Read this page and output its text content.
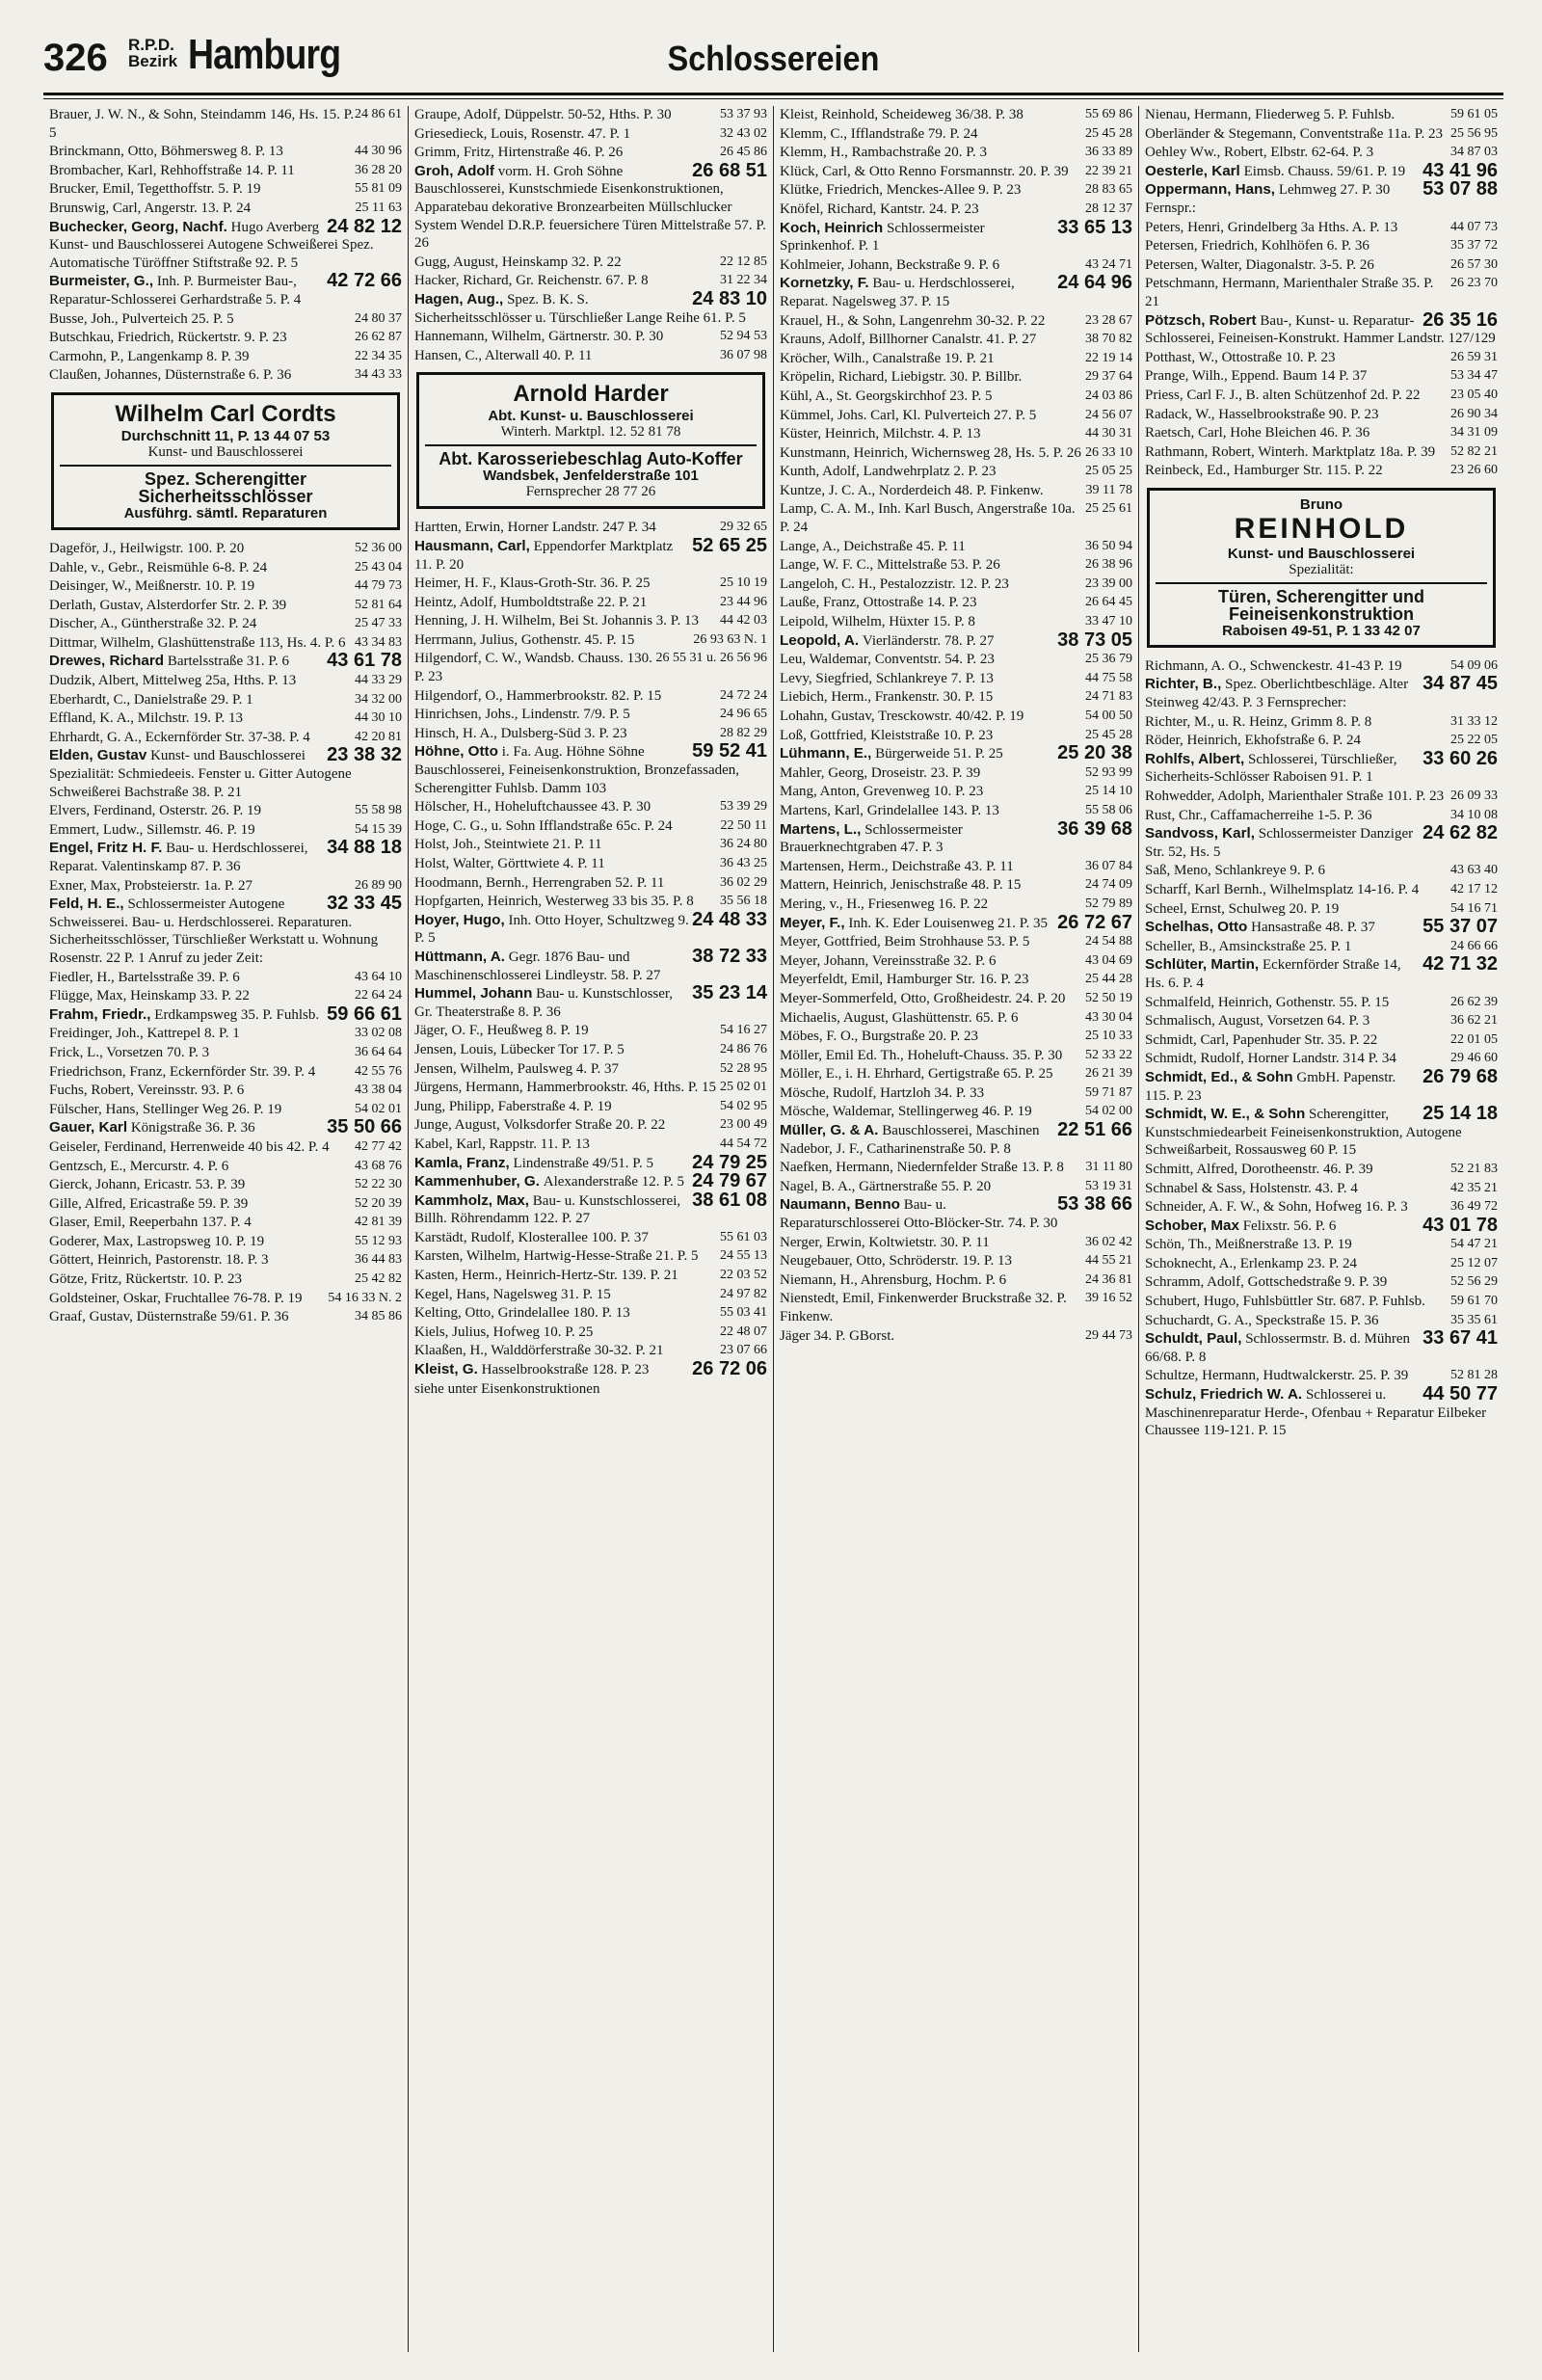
326 R.P.D.
Bezirk Hamburg	Schlossereien
24 86 61
Brauer, J. W. N., & Sohn, Steindamm 146, Hs. 15. P. 5
44 30 96
Brinckmann, Otto, Böhmersweg 8. P. 13
36 28 20
Brombacher, Karl, Rehhoffstraße 14. P. 11
55 81 09
Brucker, Emil, Tegetthoffstr. 5. P. 19
25 11 63
Brunswig, Carl, Angerstr. 13. P. 24
24 82 12
Buchecker, Georg, Nachf. Hugo Averberg Kunst- und Bauschlosserei Autogene Schweißerei Spez. Automatische Türöffner Stiftstraße 92. P. 5
42 72 66
Burmeister, G., Inh. P. Burmeister Bau-, Reparatur-Schlosserei Gerhardstraße 5. P. 4
24 80 37
Busse, Joh., Pulverteich 25. P. 5
26 62 87
Butschkau, Friedrich, Rückertstr. 9. P. 23
22 34 35
Carmohn, P., Langenkamp 8. P. 39
34 43 33
Claußen, Johannes, Düsternstraße 6. P. 36
Wilhelm Carl Cordts
Durchschnitt 11, P. 13 44 07 53
Kunst- und Bauschlosserei
Spez. Scherengitter Sicherheitsschlösser
Ausführg. sämtl. Reparaturen
52 36 00
Dageför, J., Heilwigstr. 100. P. 20
25 43 04
Dahle, v., Gebr., Reismühle 6-8. P. 24
44 79 73
Deisinger, W., Meißnerstr. 10. P. 19
52 81 64
Derlath, Gustav, Alsterdorfer Str. 2. P. 39
25 47 33
Discher, A., Güntherstraße 32. P. 24
43 34 83
Dittmar, Wilhelm, Glashüttenstraße 113, Hs. 4. P. 6
43 61 78
Drewes, Richard Bartelsstraße 31. P. 6
44 33 29
Dudzik, Albert, Mittelweg 25a, Hths. P. 13
34 32 00
Eberhardt, C., Danielstraße 29. P. 1
44 30 10
Effland, K. A., Milchstr. 19. P. 13
42 20 81
Ehrhardt, G. A., Eckernförder Str. 37-38. P. 4
23 38 32
Elden, Gustav Kunst- und Bauschlosserei Spezialität: Schmiedeeis. Fenster u. Gitter Autogene Schweißerei Bachstraße 38. P. 21
55 58 98
Elvers, Ferdinand, Osterstr. 26. P. 19
54 15 39
Emmert, Ludw., Sillemstr. 46. P. 19
34 88 18
Engel, Fritz H. F. Bau- u. Herdschlosserei, Reparat. Valentinskamp 87. P. 36
26 89 90
Exner, Max, Probsteierstr. 1a. P. 27
32 33 45
Feld, H. E., Schlossermeister Autogene Schweisserei. Bau- u. Herdschlosserei. Reparaturen. Sicherheitsschlösser, Türschließer Werkstatt u. Wohnung Rosenstr. 22 P. 1 Anruf zu jeder Zeit:
43 64 10
Fiedler, H., Bartelsstraße 39. P. 6
22 64 24
Flügge, Max, Heinskamp 33. P. 22
59 66 61
Frahm, Friedr., Erdkampsweg 35. P. Fuhlsb.
33 02 08
Freidinger, Joh., Kattrepel 8. P. 1
36 64 64
Frick, L., Vorsetzen 70. P. 3
42 55 76
Friedrichson, Franz, Eckernförder Str. 39. P. 4
43 38 04
Fuchs, Robert, Vereinsstr. 93. P. 6
54 02 01
Fülscher, Hans, Stellinger Weg 26. P. 19
35 50 66
Gauer, Karl Königstraße 36. P. 36
42 77 42
Geiseler, Ferdinand, Herrenweide 40 bis 42. P. 4
43 68 76
Gentzsch, E., Mercurstr. 4. P. 6
52 22 30
Gierck, Johann, Ericastr. 53. P. 39
52 20 39
Gille, Alfred, Ericastraße 59. P. 39
42 81 39
Glaser, Emil, Reeperbahn 137. P. 4
55 12 93
Goderer, Max, Lastropsweg 10. P. 19
36 44 83
Göttert, Heinrich, Pastorenstr. 18. P. 3
25 42 82
Götze, Fritz, Rückertstr. 10. P. 23
54 16 33 N. 2
Goldsteiner, Oskar, Fruchtallee 76-78. P. 19
34 85 86
Graaf, Gustav, Düsternstraße 59/61. P. 36
53 37 93
Graupe, Adolf, Düppelstr. 50-52, Hths. P. 30
32 43 02
Griesedieck, Louis, Rosenstr. 47. P. 1
26 45 86
Grimm, Fritz, Hirtenstraße 46. P. 26
26 68 51
Groh, Adolf vorm. H. Groh Söhne Bauschlosserei, Kunstschmiede Eisenkonstruktionen, Apparatebau dekorative Bronzearbeiten Müllschlucker System Wendel D.R.P. feuersichere Türen Mittelstraße 57. P. 26
22 12 85
Gugg, August, Heinskamp 32. P. 22
31 22 34
Hacker, Richard, Gr. Reichenstr. 67. P. 8
24 83 10
Hagen, Aug., Spez. B. K. S. Sicherheitsschlösser u. Türschließer Lange Reihe 61. P. 5
52 94 53
Hannemann, Wilhelm, Gärtnerstr. 30. P. 30
36 07 98
Hansen, C., Alterwall 40. P. 11
Arnold Harder
Abt. Kunst- u. Bauschlosserei
Winterh. Marktpl. 12. 52 81 78
Abt. Karosseriebeschlag Auto-Koffer
Wandsbek, Jenfelderstraße 101
Fernsprecher 28 77 26
29 32 65
Hartten, Erwin, Horner Landstr. 247 P. 34
52 65 25
Hausmann, Carl, Eppendorfer Marktplatz 11. P. 20
25 10 19
Heimer, H. F., Klaus-Groth-Str. 36. P. 25
23 44 96
Heintz, Adolf, Humboldtstraße 22. P. 21
44 42 03
Henning, J. H. Wilhelm, Bei St. Johannis 3. P. 13
26 93 63 N. 1
Herrmann, Julius, Gothenstr. 45. P. 15
26 55 31 u. 26 56 96
Hilgendorf, C. W., Wandsb. Chauss. 130. P. 23
24 72 24
Hilgendorf, O., Hammerbrookstr. 82. P. 15
24 96 65
Hinrichsen, Johs., Lindenstr. 7/9. P. 5
28 82 29
Hinsch, H. A., Dulsberg-Süd 3. P. 23
59 52 41
Höhne, Otto i. Fa. Aug. Höhne Söhne Bauschlosserei, Feineisenkonstruktion, Bronzefassaden, Scherengitter Fuhlsb. Damm 103
53 39 29
Hölscher, H., Hoheluftchaussee 43. P. 30
22 50 11
Hoge, C. G., u. Sohn Ifflandstraße 65c. P. 24
36 24 80
Holst, Joh., Steintwiete 21. P. 11
36 43 25
Holst, Walter, Görttwiete 4. P. 11
36 02 29
Hoodmann, Bernh., Herrengraben 52. P. 11
35 56 18
Hopfgarten, Heinrich, Westerweg 33 bis 35. P. 8
24 48 33
Hoyer, Hugo, Inh. Otto Hoyer, Schultzweg 9. P. 5
38 72 33
Hüttmann, A. Gegr. 1876 Bau- und Maschinenschlosserei Lindleystr. 58. P. 27
35 23 14
Hummel, Johann Bau- u. Kunstschlosser, Gr. Theaterstraße 8. P. 36
54 16 27
Jäger, O. F., Heußweg 8. P. 19
24 86 76
Jensen, Louis, Lübecker Tor 17. P. 5
52 28 95
Jensen, Wilhelm, Paulsweg 4. P. 37
25 02 01
Jürgens, Hermann, Hammerbrookstr. 46, Hths. P. 15
54 02 95
Jung, Philipp, Faberstraße 4. P. 19
23 00 49
Junge, August, Volksdorfer Straße 20. P. 22
44 54 72
Kabel, Karl, Rappstr. 11. P. 13
24 79 25
Kamla, Franz, Lindenstraße 49/51. P. 5
24 79 67
Kammenhuber, G. Alexanderstraße 12. P. 5
38 61 08
Kammholz, Max, Bau- u. Kunstschlosserei, Billh. Röhrendamm 122. P. 27
55 61 03
Karstädt, Rudolf, Klosterallee 100. P. 37
24 55 13
Karsten, Wilhelm, Hartwig-Hesse-Straße 21. P. 5
22 03 52
Kasten, Herm., Heinrich-Hertz-Str. 139. P. 21
24 97 82
Kegel, Hans, Nagelsweg 31. P. 15
55 03 41
Kelting, Otto, Grindelallee 180. P. 13
22 48 07
Kiels, Julius, Hofweg 10. P. 25
23 07 66
Klaaßen, H., Walddörferstraße 30-32. P. 21
26 72 06
Kleist, G. Hasselbrookstraße 128. P. 23
siehe unter Eisenkonstruktionen
55 69 86
Kleist, Reinhold, Scheideweg 36/38. P. 38
25 45 28
Klemm, C., Ifflandstraße 79. P. 24
36 33 89
Klemm, H., Rambachstraße 20. P. 3
22 39 21
Klück, Carl, & Otto Renno Forsmannstr. 20. P. 39
28 83 65
Klütke, Friedrich, Menckes-Allee 9. P. 23
28 12 37
Knöfel, Richard, Kantstr. 24. P. 23
33 65 13
Koch, Heinrich Schlossermeister Sprinkenhof. P. 1
43 24 71
Kohlmeier, Johann, Beckstraße 9. P. 6
24 64 96
Kornetzky, F. Bau- u. Herdschlosserei, Reparat. Nagelsweg 37. P. 15
23 28 67
Krauel, H., & Sohn, Langenrehm 30-32. P. 22
38 70 82
Krauns, Adolf, Billhorner Canalstr. 41. P. 27
22 19 14
Kröcher, Wilh., Canalstraße 19. P. 21
29 37 64
Kröpelin, Richard, Liebigstr. 30. P. Billbr.
24 03 86
Kühl, A., St. Georgskirchhof 23. P. 5
24 56 07
Kümmel, Johs. Carl, Kl. Pulverteich 27. P. 5
44 30 31
Küster, Heinrich, Milchstr. 4. P. 13
26 33 10
Kunstmann, Heinrich, Wichernsweg 28, Hs. 5. P. 26
25 05 25
Kunth, Adolf, Landwehrplatz 2. P. 23
39 11 78
Kuntze, J. C. A., Norderdeich 48. P. Finkenw.
25 25 61
Lamp, C. A. M., Inh. Karl Busch, Angerstraße 10a. P. 24
36 50 94
Lange, A., Deichstraße 45. P. 11
26 38 96
Lange, W. F. C., Mittelstraße 53. P. 26
23 39 00
Langeloh, C. H., Pestalozzistr. 12. P. 23
26 64 45
Lauße, Franz, Ottostraße 14. P. 23
33 47 10
Leipold, Wilhelm, Hüxter 15. P. 8
38 73 05
Leopold, A. Vierländerstr. 78. P. 27
25 36 79
Leu, Waldemar, Conventstr. 54. P. 23
44 75 58
Levy, Siegfried, Schlankreye 7. P. 13
24 71 83
Liebich, Herm., Frankenstr. 30. P. 15
54 00 50
Lohahn, Gustav, Tresckowstr. 40/42. P. 19
25 45 28
Loß, Gottfried, Kleiststraße 10. P. 23
25 20 38
Lühmann, E., Bürgerweide 51. P. 25
52 93 99
Mahler, Georg, Droseistr. 23. P. 39
25 14 10
Mang, Anton, Grevenweg 10. P. 23
55 58 06
Martens, Karl, Grindelallee 143. P. 13
36 39 68
Martens, L., Schlossermeister Brauerknechtgraben 47. P. 3
36 07 84
Martensen, Herm., Deichstraße 43. P. 11
24 74 09
Mattern, Heinrich, Jenischstraße 48. P. 15
52 79 89
Mering, v., H., Friesenweg 16. P. 22
26 72 67
Meyer, F., Inh. K. Eder Louisenweg 21. P. 35
24 54 88
Meyer, Gottfried, Beim Strohhause 53. P. 5
43 04 69
Meyer, Johann, Vereinsstraße 32. P. 6
25 44 28
Meyerfeldt, Emil, Hamburger Str. 16. P. 23
52 50 19
Meyer-Sommerfeld, Otto, Großheidestr. 24. P. 20
43 30 04
Michaelis, August, Glashüttenstr. 65. P. 6
25 10 33
Möbes, F. O., Burgstraße 20. P. 23
52 33 22
Möller, Emil Ed. Th., Hoheluft-Chauss. 35. P. 30
26 21 39
Möller, E., i. H. Ehrhard, Gertigstraße 65. P. 25
59 71 87
Mösche, Rudolf, Hartzloh 34. P. 33
54 02 00
Mösche, Waldemar, Stellingerweg 46. P. 19
22 51 66
Müller, G. & A. Bauschlosserei, Maschinen Nadebor, J. F., Catharinenstraße 50. P. 8
31 11 80
Naefken, Hermann, Niedernfelder Straße 13. P. 8
53 19 31
Nagel, B. A., Gärtnerstraße 55. P. 20
53 38 66
Naumann, Benno Bau- u. Reparaturschlosserei Otto-Blöcker-Str. 74. P. 30
36 02 42
Nerger, Erwin, Koltwietstr. 30. P. 11
44 55 21
Neugebauer, Otto, Schröderstr. 19. P. 13
24 36 81
Niemann, H., Ahrensburg, Hochm. P. 6
39 16 52
Nienstedt, Emil, Finkenwerder Bruckstraße 32. P. Finkenw.
29 44 73
Jäger 34. P. GBorst.
59 61 05
Nienau, Hermann, Fliederweg 5. P. Fuhlsb.
25 56 95
Oberländer & Stegemann, Conventstraße 11a. P. 23
34 87 03
Oehley Ww., Robert, Elbstr. 62-64. P. 3
43 41 96
Oesterle, Karl Eimsb. Chauss. 59/61. P. 19
53 07 88
Oppermann, Hans, Lehmweg 27. P. 30 Fernspr.:
44 07 73
Peters, Henri, Grindelberg 3a Hths. A. P. 13
35 37 72
Petersen, Friedrich, Kohlhöfen 6. P. 36
26 57 30
Petersen, Walter, Diagonalstr. 3-5. P. 26
26 23 70
Petschmann, Hermann, Marienthaler Straße 35. P. 21
26 35 16
Pötzsch, Robert Bau-, Kunst- u. Reparatur-Schlosserei, Feineisen-Konstrukt. Hammer Landstr. 127/129
26 59 31
Potthast, W., Ottostraße 10. P. 23
53 34 47
Prange, Wilh., Eppend. Baum 14 P. 37
23 05 40
Priess, Carl F. J., B. alten Schützenhof 2d. P. 22
26 90 34
Radack, W., Hasselbrookstraße 90. P. 23
34 31 09
Raetsch, Carl, Hohe Bleichen 46. P. 36
52 82 21
Rathmann, Robert, Winterh. Marktplatz 18a. P. 39
23 26 60
Reinbeck, Ed., Hamburger Str. 115. P. 22
Bruno
REINHOLD
Kunst- und Bauschlosserei
Spezialität:
Türen, Scherengitter und Feineisenkonstruktion
Raboisen 49-51, P. 1 33 42 07
54 09 06
Richmann, A. O., Schwenckestr. 41-43 P. 19
34 87 45
Richter, B., Spez. Oberlichtbeschläge. Alter Steinweg 42/43. P. 3 Fernsprecher:
31 33 12
Richter, M., u. R. Heinz, Grimm 8. P. 8
25 22 05
Röder, Heinrich, Ekhofstraße 6. P. 24
33 60 26
Rohlfs, Albert, Schlosserei, Türschließer, Sicherheits-Schlösser Raboisen 91. P. 1
26 09 33
Rohwedder, Adolph, Marienthaler Straße 101. P. 23
34 10 08
Rust, Chr., Caffamacherreihe 1-5. P. 36
24 62 82
Sandvoss, Karl, Schlossermeister Danziger Str. 52, Hs. 5
43 63 40
Saß, Meno, Schlankreye 9. P. 6
42 17 12
Scharff, Karl Bernh., Wilhelmsplatz 14-16. P. 4
54 16 71
Scheel, Ernst, Schulweg 20. P. 19
55 37 07
Schelhas, Otto Hansastraße 48. P. 37
24 66 66
Scheller, B., Amsinckstraße 25. P. 1
42 71 32
Schlüter, Martin, Eckernförder Straße 14, Hs. 6. P. 4
26 62 39
Schmalfeld, Heinrich, Gothenstr. 55. P. 15
36 62 21
Schmalisch, August, Vorsetzen 64. P. 3
22 01 05
Schmidt, Carl, Papenhuder Str. 35. P. 22
29 46 60
Schmidt, Rudolf, Horner Landstr. 314 P. 34
26 79 68
Schmidt, Ed., & Sohn GmbH. Papenstr. 115. P. 23
25 14 18
Schmidt, W. E., & Sohn Scherengitter, Kunstschmiedearbeit Feineisenkonstruktion, Autogene Schweißarbeit, Rossausweg 60 P. 15
52 21 83
Schmitt, Alfred, Dorotheenstr. 46. P. 39
42 35 21
Schnabel & Sass, Holstenstr. 43. P. 4
36 49 72
Schneider, A. F. W., & Sohn, Hofweg 16. P. 3
43 01 78
Schober, Max Felixstr. 56. P. 6
54 47 21
Schön, Th., Meißnerstraße 13. P. 19
25 12 07
Schoknecht, A., Erlenkamp 23. P. 24
52 56 29
Schramm, Adolf, Gottschedstraße 9. P. 39
59 61 70
Schubert, Hugo, Fuhlsbüttler Str. 687. P. Fuhlsb.
35 35 61
Schuchardt, G. A., Speckstraße 15. P. 36
33 67 41
Schuldt, Paul, Schlossermstr. B. d. Mühren 66/68. P. 8
52 81 28
Schultze, Hermann, Hudtwalckerstr. 25. P. 39
44 50 77
Schulz, Friedrich W. A. Schlosserei u. Maschinenreparatur Herde-, Ofenbau + Reparatur Eilbeker Chaussee 119-121. P. 15
